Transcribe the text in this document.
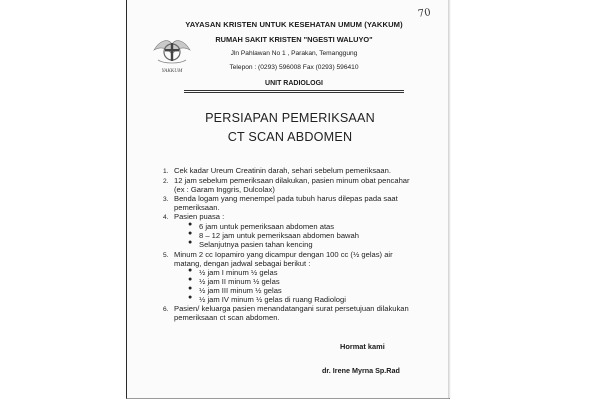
70
YAKKUM
YAYASAN KRISTEN UNTUK KESEHATAN UMUM (YAKKUM)
RUMAH SAKIT KRISTEN "NGESTI WALUYO"
Jln Pahlawan No 1 , Parakan, Temanggung
Telepon : (0293) 596008 Fax (0293) 596410
UNIT RADIOLOGI
PERSIAPAN PEMERIKSAAN
CT SCAN ABDOMEN
1. Cek kadar Ureum Creatinin darah, sehari sebelum pemeriksaan.
2. 12 jam sebelum pemeriksaan dilakukan, pasien minum obat pencahar
(ex : Garam Inggris, Dulcolax)
3. Benda logam yang menempel pada tubuh harus dilepas pada saat
pemeriksaan.
4. Pasien puasa :
● 6 jam untuk pemeriksaan abdomen atas
● 8 – 12 jam untuk pemeriksaan abdomen bawah
● Selanjutnya pasien tahan kencing
5. Minum 2 cc Iopamiro yang dicampur dengan 100 cc (½ gelas) air
matang, dengan jadwal sebagai berikut :
● ½ jam I minum ½ gelas
● ½ jam II minum ½ gelas
● ½ jam III minum ½ gelas
● ½ jam IV minum ½ gelas di ruang Radiologi
6. Pasien/ keluarga pasien menandatangani surat persetujuan dilakukan
pemeriksaan ct scan abdomen.
Hormat kami
dr. Irene Myrna Sp.Rad
